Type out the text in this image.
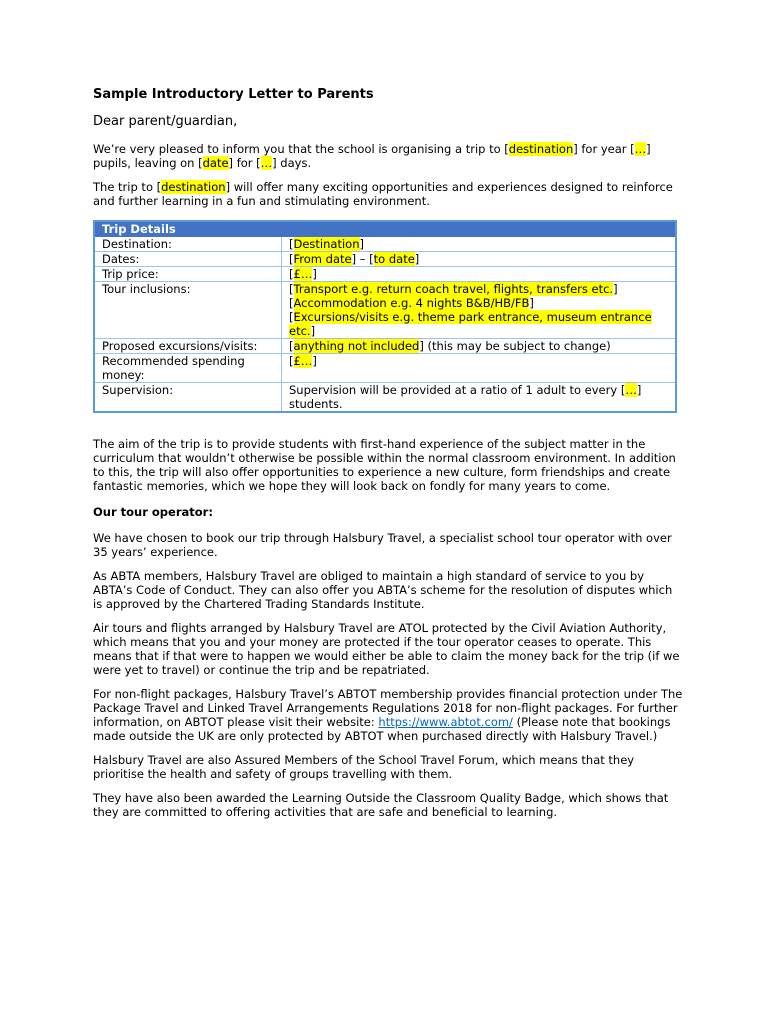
Sample Introductory Letter to Parents
Dear parent/guardian,

We’re very pleased to inform you that the school is organising a trip to [destination] for year […] pupils, leaving on [date] for […] days.

The trip to [destination] will offer many exciting opportunities and experiences designed to reinforce and further learning in a fun and stimulating environment.

Trip Details	
Destination:	[Destination]
Dates:	[From date] – [to date]
Trip price:	[£…]
Tour inclusions:	[Transport e.g. return coach travel, flights, transfers etc.]
[Accommodation e.g. 4 nights B&B/HB/FB]
[Excursions/visits e.g. theme park entrance, museum entrance etc.]
Proposed excursions/visits:	[anything not included] (this may be subject to change)
Recommended spending money:	[£…]
Supervision:	Supervision will be provided at a ratio of 1 adult to every […] students.

The aim of the trip is to provide students with first-hand experience of the subject matter in the curriculum that wouldn’t otherwise be possible within the normal classroom environment. In addition to this, the trip will also offer opportunities to experience a new culture, form friendships and create fantastic memories, which we hope they will look back on fondly for many years to come.

Our tour operator:

We have chosen to book our trip through Halsbury Travel, a specialist school tour operator with over 35 years’ experience.

As ABTA members, Halsbury Travel are obliged to maintain a high standard of service to you by ABTA’s Code of Conduct. They can also offer you ABTA’s scheme for the resolution of disputes which is approved by the Chartered Trading Standards Institute.

Air tours and flights arranged by Halsbury Travel are ATOL protected by the Civil Aviation Authority, which means that you and your money are protected if the tour operator ceases to operate. This means that if that were to happen we would either be able to claim the money back for the trip (if we were yet to travel) or continue the trip and be repatriated.

For non-flight packages, Halsbury Travel’s ABTOT membership provides financial protection under The Package Travel and Linked Travel Arrangements Regulations 2018 for non-flight packages. For further information, on ABTOT please visit their website: https://www.abtot.com/ (Please note that bookings made outside the UK are only protected by ABTOT when purchased directly with Halsbury Travel.)

Halsbury Travel are also Assured Members of the School Travel Forum, which means that they prioritise the health and safety of groups travelling with them.

They have also been awarded the Learning Outside the Classroom Quality Badge, which shows that they are committed to offering activities that are safe and beneficial to learning.
